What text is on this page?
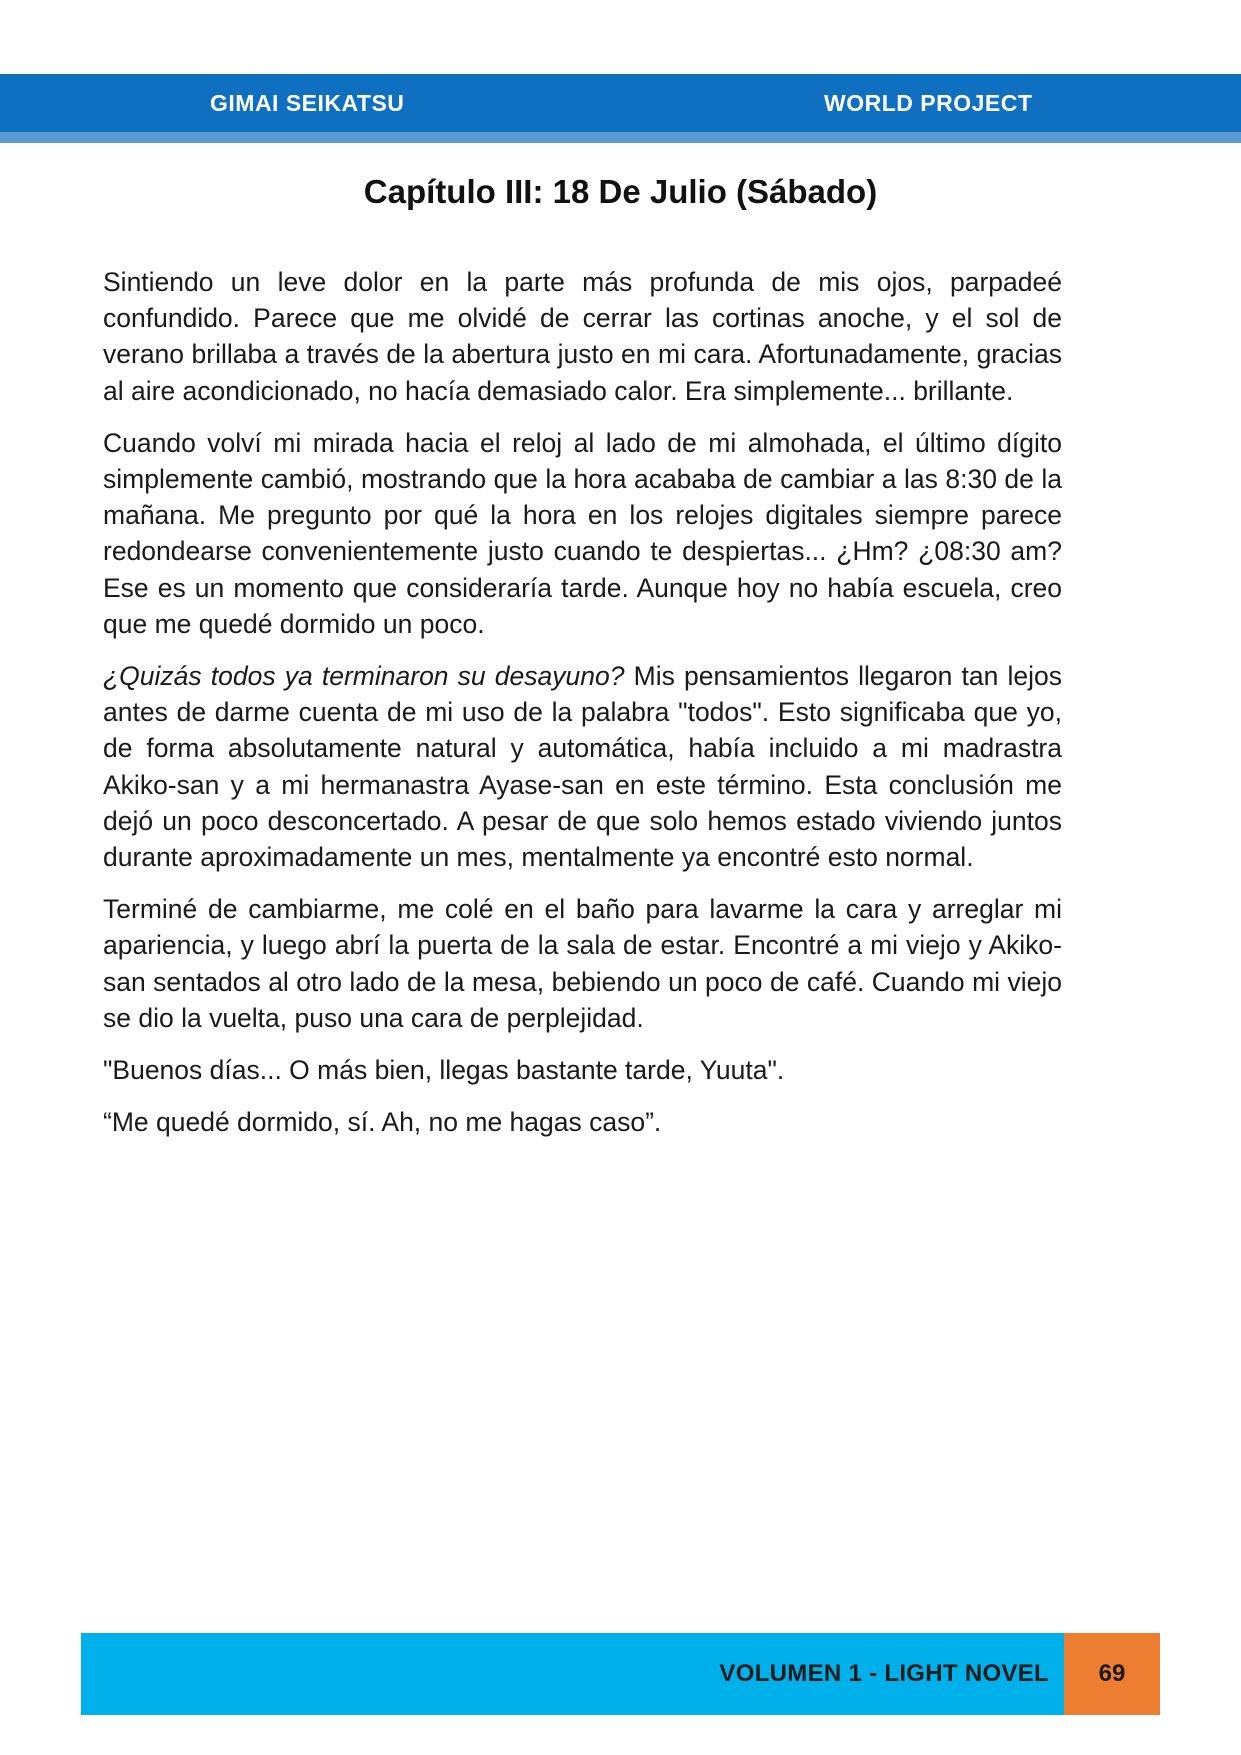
GIMAI SEIKATSU	WORLD PROJECT
Capítulo III: 18 De Julio (Sábado)

Sintiendo un leve dolor en la parte más profunda de mis ojos, parpadeé confundido. Parece que me olvidé de cerrar las cortinas anoche, y el sol de verano brillaba a través de la abertura justo en mi cara. Afortunadamente, gracias al aire acondicionado, no hacía demasiado calor. Era simplemente... brillante.

Cuando volví mi mirada hacia el reloj al lado de mi almohada, el último dígito simplemente cambió, mostrando que la hora acababa de cambiar a las 8:30 de la mañana. Me pregunto por qué la hora en los relojes digitales siempre parece redondearse convenientemente justo cuando te despiertas... ¿Hm? ¿08:30 am? Ese es un momento que consideraría tarde. Aunque hoy no había escuela, creo que me quedé dormido un poco.

¿Quizás todos ya terminaron su desayuno? Mis pensamientos llegaron tan lejos antes de darme cuenta de mi uso de la palabra "todos". Esto significaba que yo, de forma absolutamente natural y automática, había incluido a mi madrastra Akiko-san y a mi hermanastra Ayase-san en este término. Esta conclusión me dejó un poco desconcertado. A pesar de que solo hemos estado viviendo juntos durante aproximadamente un mes, mentalmente ya encontré esto normal.

Terminé de cambiarme, me colé en el baño para lavarme la cara y arreglar mi apariencia, y luego abrí la puerta de la sala de estar. Encontré a mi viejo y Akiko-san sentados al otro lado de la mesa, bebiendo un poco de café. Cuando mi viejo se dio la vuelta, puso una cara de perplejidad.

"Buenos días... O más bien, llegas bastante tarde, Yuuta".

“Me quedé dormido, sí. Ah, no me hagas caso”.

VOLUMEN 1 - LIGHT NOVEL	69
